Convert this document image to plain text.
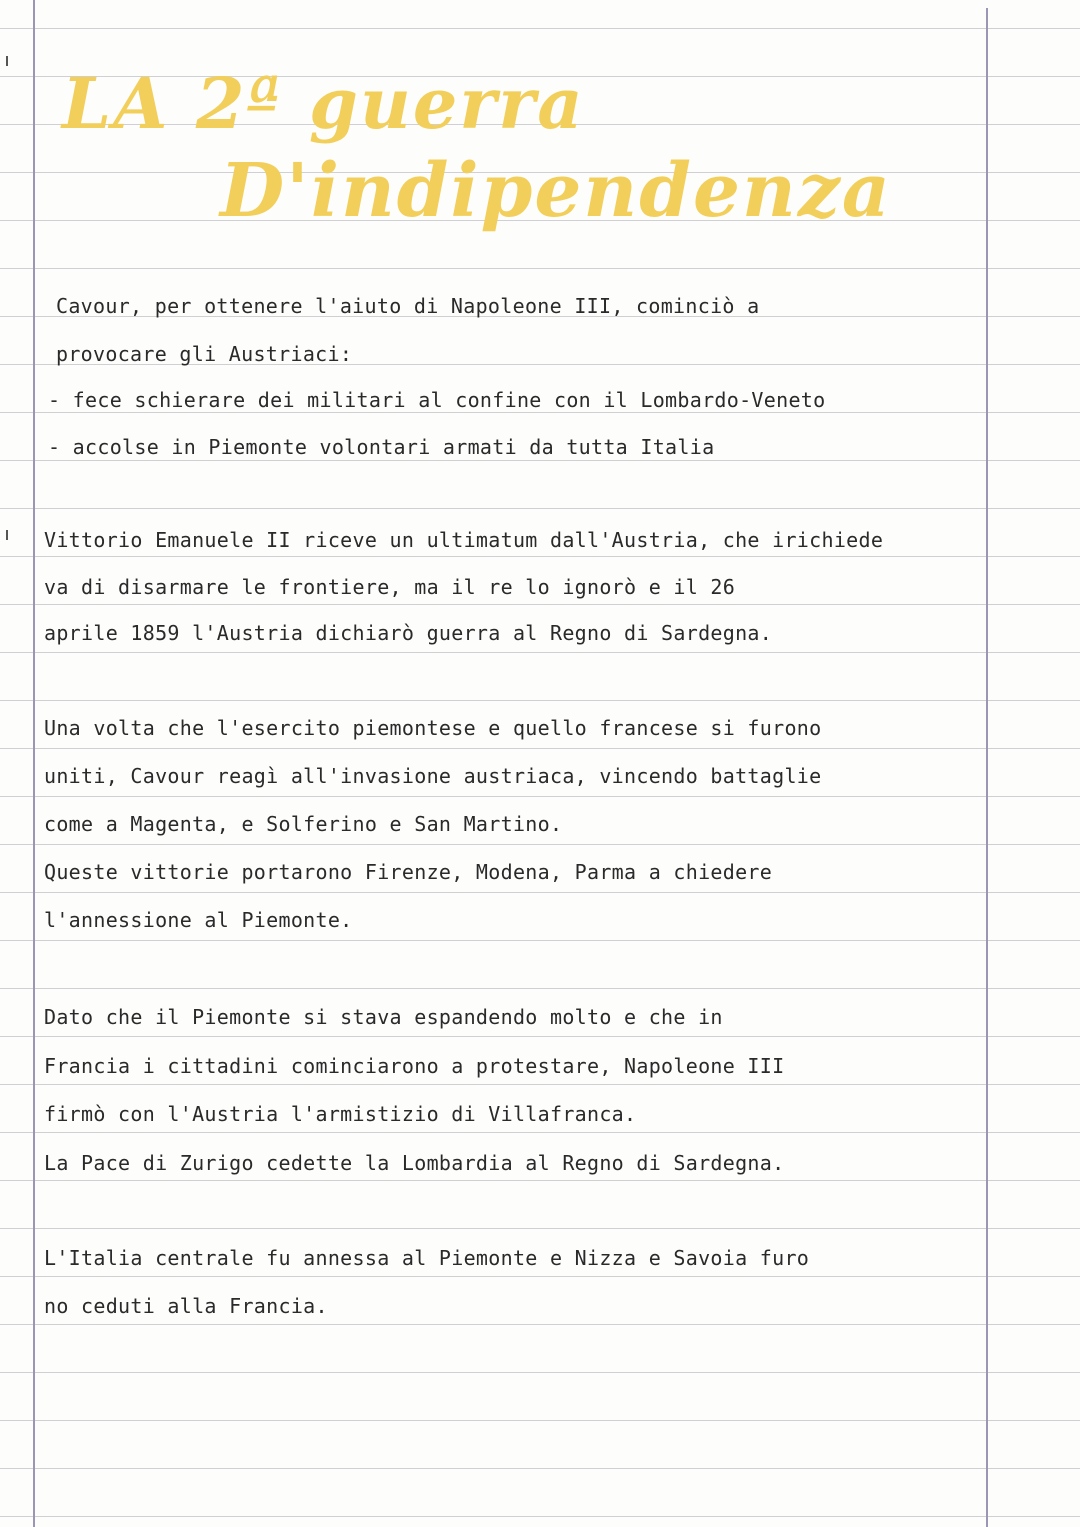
LA 2ª guerra
D'indipendenza
Cavour, per ottenere l'aiuto di Napoleone III, cominciò a
provocare gli Austriaci:
- fece schierare dei militari al confine con il Lombardo-Veneto
- accolse in Piemonte volontari armati da tutta Italia
Vittorio Emanuele II riceve un ultimatum dall'Austria, che irichiede
va di disarmare le frontiere, ma il re lo ignorò e il 26
aprile 1859 l'Austria dichiarò guerra al Regno di Sardegna.
Una volta che l'esercito piemontese e quello francese si furono
uniti, Cavour reagì all'invasione austriaca, vincendo battaglie
come a Magenta, e Solferino e San Martino.
Queste vittorie portarono Firenze, Modena, Parma a chiedere
l'annessione al Piemonte.
Dato che il Piemonte si stava espandendo molto e che in
Francia i cittadini cominciarono a protestare, Napoleone III
firmò con l'Austria l'armistizio di Villafranca.
La Pace di Zurigo cedette la Lombardia al Regno di Sardegna.
L'Italia centrale fu annessa al Piemonte e Nizza e Savoia furo
no ceduti alla Francia.
